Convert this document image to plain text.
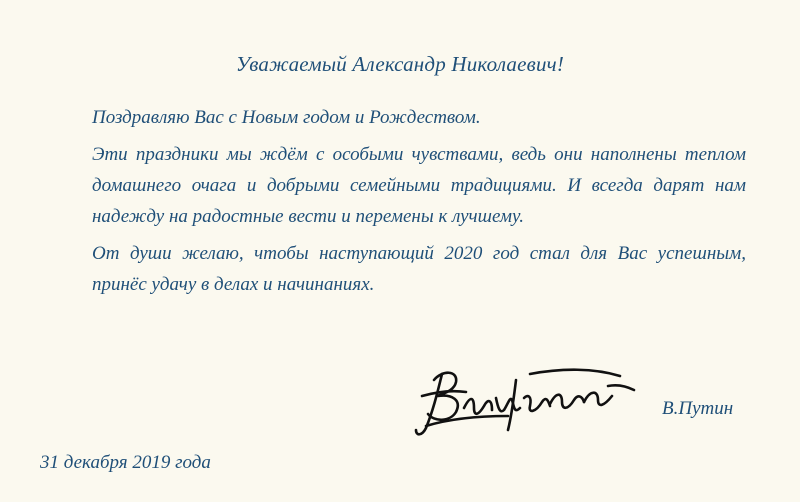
Уважаемый Александр Николаевич!

Поздравляю Вас с Новым годом и Рождеством.

Эти праздники мы ждём с особыми чувствами, ведь они наполнены теплом домашнего очага и добрыми семейными традициями. И всегда дарят нам надежду на радостные вести и перемены к лучшему.

От души желаю, чтобы наступающий 2020 год стал для Вас успешным, принёс удачу в делах и начинаниях.

В.Путин

31 декабря 2019 года
